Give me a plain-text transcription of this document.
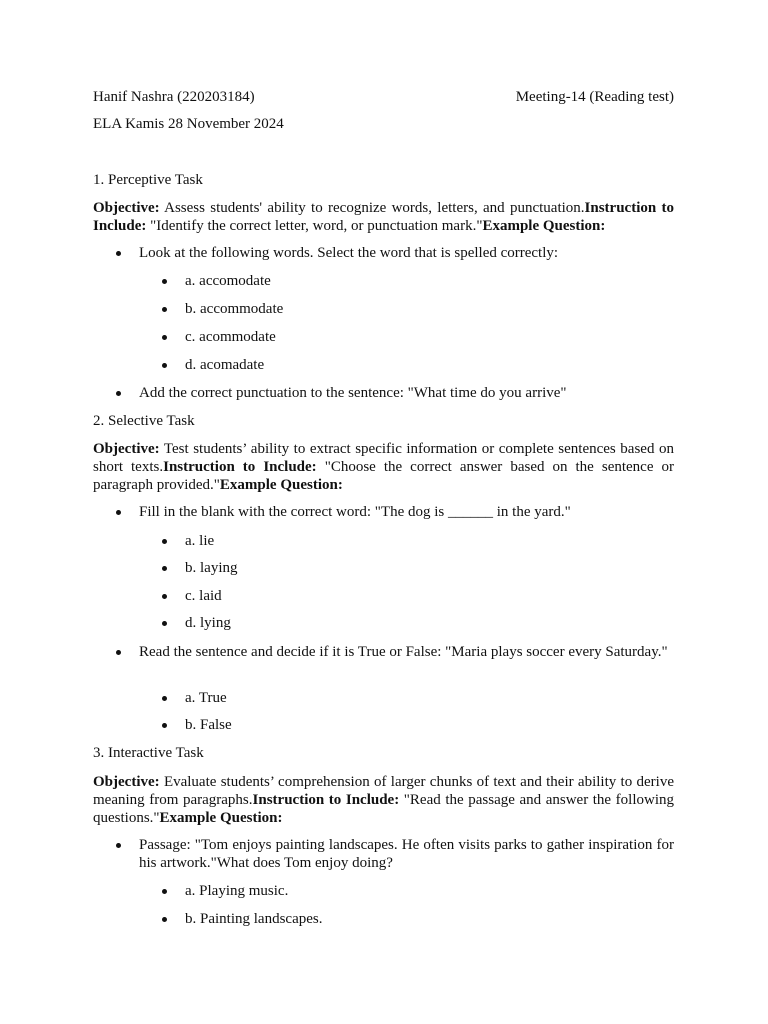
Hanif Nashra (220203184)	Meeting-14 (Reading test)
ELA Kamis 28 November 2024
1. Perceptive Task
Objective: Assess students' ability to recognize words, letters, and punctuation.Instruction to Include: "Identify the correct letter, word, or punctuation mark."Example Question:
Look at the following words. Select the word that is spelled correctly:
a. accomodate
b. accommodate
c. acommodate
d. acomadate
Add the correct punctuation to the sentence: "What time do you arrive"
2. Selective Task
Objective: Test students’ ability to extract specific information or complete sentences based on short texts.Instruction to Include: "Choose the correct answer based on the sentence or paragraph provided."Example Question:
Fill in the blank with the correct word: "The dog is ______ in the yard."
a. lie
b. laying
c. laid
d. lying
Read the sentence and decide if it is True or False: "Maria plays soccer every Saturday."
a. True
b. False
3. Interactive Task
Objective: Evaluate students’ comprehension of larger chunks of text and their ability to derive meaning from paragraphs.Instruction to Include: "Read the passage and answer the following questions."Example Question:
Passage: "Tom enjoys painting landscapes. He often visits parks to gather inspiration for his artwork."What does Tom enjoy doing?
a. Playing music.
b. Painting landscapes.
